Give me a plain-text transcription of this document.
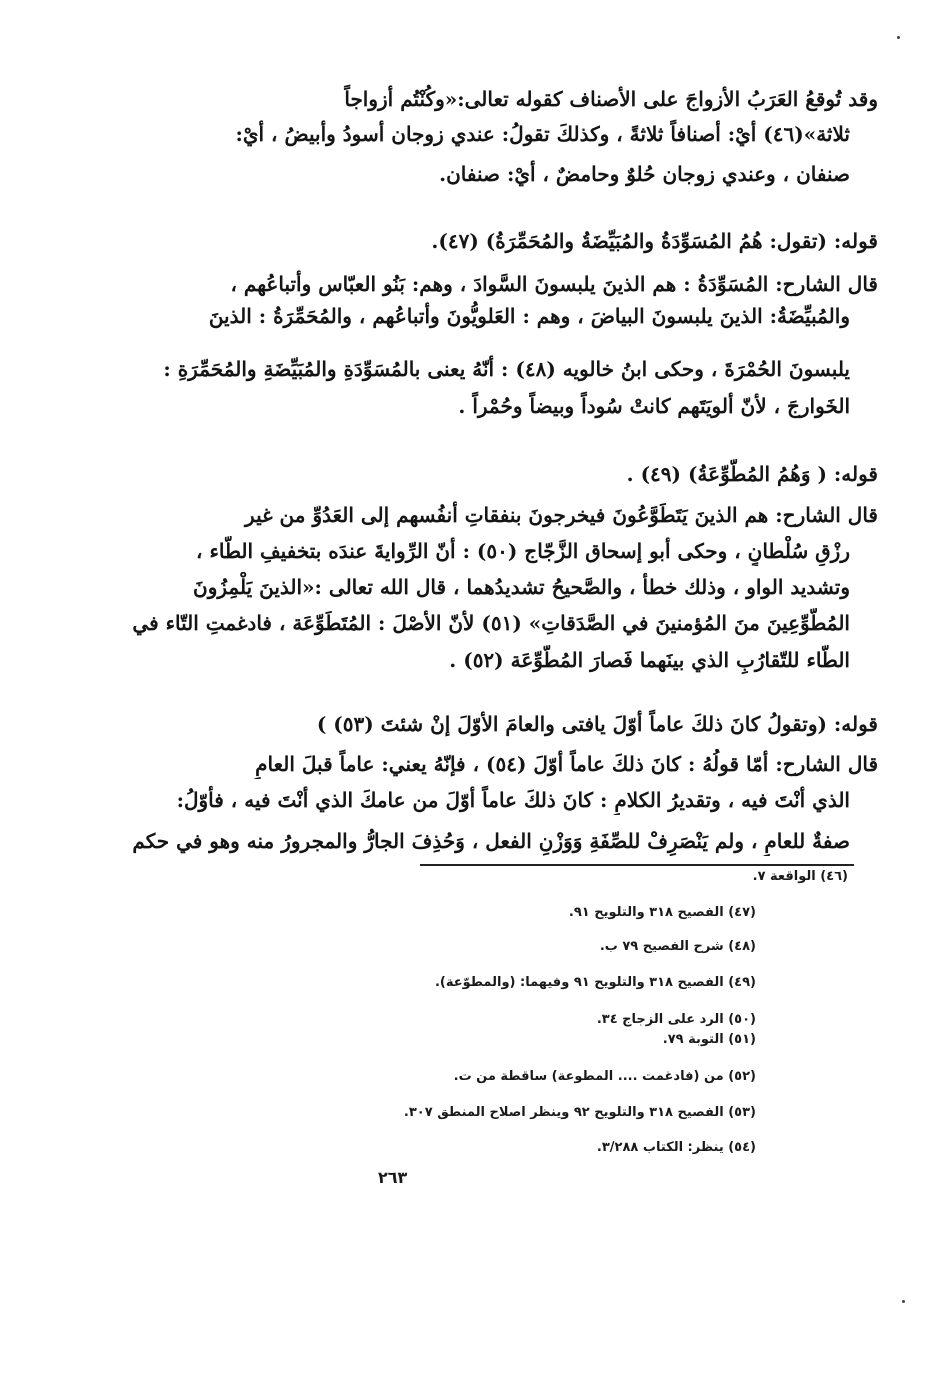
وقد تُوقعُ العَرَبُ الأزواجَ على الأصناف كقوله تعالى:«وكُنْتُم أزواجاً
ثلاثة»(٤٦) أيْ: أصنافاً ثلاثةً ، وكذلكَ تقولُ: عندي زوجان أسودُ وأبيضُ ، أيْ:
صنفان ، وعندي زوجان حُلوٌ وحامضٌ ، أيْ: صنفان.
قوله: (تقول: هُمُ المُسَوِّدَةُ والمُبَيِّضَةُ والمُحَمِّرَةُ) (٤٧).
قال الشارح: المُسَوِّدَةُ : هم الذينَ يلبسونَ السَّوادَ ، وهم: بَنُو العبّاس وأتباعُهم ،
والمُبيِّضَةُ: الذينَ يلبسونَ البياضَ ، وهم : العَلويُّونَ وأتباعُهم ، والمُحَمِّرَةُ : الذينَ
يلبسونَ الحُمْرَةَ ، وحكى ابنُ خالويه (٤٨) : أنّهُ يعنى بالمُسَوِّدَةِ والمُبَيِّضَةِ والمُحَمِّرَةِ :
الخَوارجَ ، لأنّ ألويَتَهم كانتْ سُوداً وبيضاً وحُمْراً .
قوله: ( وَهُمُ المُطَّوِّعَةُ) (٤٩) .
قال الشارح: هم الذينَ يَتَطَوَّعُونَ فيخرجونَ بنفقاتِ أنفُسهم إلى العَدُوِّ من غير
رزْقِ سُلْطانٍ ، وحكى أبو إسحاق الزَّجّاج (٥٠) : أنّ الرِّوايةَ عندَه بتخفيفِ الطّاء ،
وتشديد الواو ، وذلك خطأ ، والصَّحيحُ تشديدُهما ، قال الله تعالى :«الذينَ يَلْمِزُونَ
المُطَّوِّعِينَ منَ المُؤمنينَ في الصَّدَقاتِ» (٥١) لأنّ الأصْلَ : المُتَطَوِّعَة ، فادغمتِ التّاء في
الطّاء للتّقارُبِ الذي بينَهما فَصارَ المُطَّوِّعَة (٥٢) .
قوله: (وتقولُ كانَ ذلكَ عاماً أوّلَ يافتى والعامَ الأوّلَ إنْ شئتَ (٥٣) )
قال الشارح: أمّا قولُهُ : كانَ ذلكَ عاماً أوّلَ (٥٤) ، فإنّهُ يعني: عاماً قبلَ العامِ
الذي أنْتَ فيه ، وتقديرُ الكلامِ : كانَ ذلكَ عاماً أوّلَ من عامكَ الذي أنْتَ فيه ، فأوّلُ:
صفةٌ للعامِ ، ولم يَنْصَرِفْ للصِّفَةِ وَوَزْنِ الفعل ، وَحُذِفَ الجارُّ والمجرورُ منه وهو في حكم
(٤٦) الواقعة ٧.
(٤٧) الفصيح ٣١٨ والتلويح ٩١.
(٤٨) شرح الفصيح ٧٩ ب.
(٤٩) الفصيح ٣١٨ والتلويح ٩١ وفيهما: (والمطوّعة).
(٥٠) الرد على الزجاج ٣٤.
(٥١) التوبة ٧٩.
(٥٢) من (فادغمت .... المطوعة) ساقطة من ت.
(٥٣) الفصيح ٣١٨ والتلويح ٩٢ وينظر اصلاح المنطق ٣٠٧.
(٥٤) ينظر: الكتاب ٣/٢٨٨.
٢٦٣
